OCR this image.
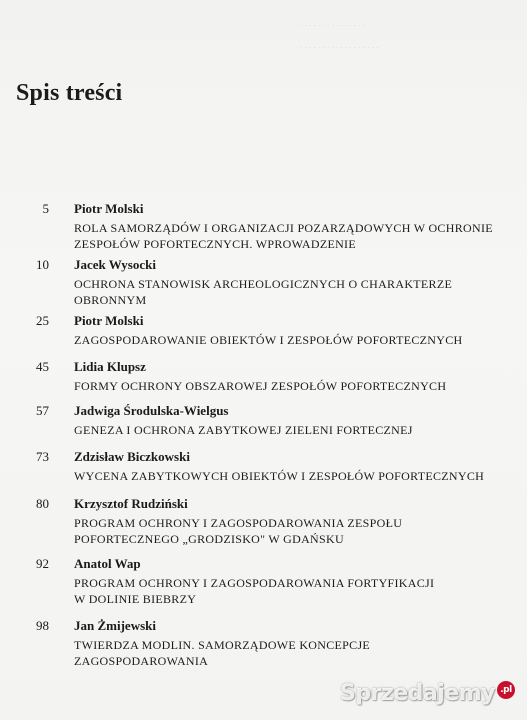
. . . . . . . . . . . . . . .
. . . . . . . . . . . . . . . . . .
Spis treści
5 Piotr Molski
ROLA SAMORZĄDÓW I ORGANIZACJI POZARZĄDOWYCH W OCHRONIE
ZESPOŁÓW POFORTECZNYCH. WPROWADZENIE
10 Jacek Wysocki
OCHRONA STANOWISK ARCHEOLOGICZNYCH O CHARAKTERZE
OBRONNYM
25 Piotr Molski
ZAGOSPODAROWANIE OBIEKTÓW I ZESPOŁÓW POFORTECZNYCH
45 Lidia Klupsz
FORMY OCHRONY OBSZAROWEJ ZESPOŁÓW POFORTECZNYCH
57 Jadwiga Środulska-Wielgus
GENEZA I OCHRONA ZABYTKOWEJ ZIELENI FORTECZNEJ
73 Zdzisław Biczkowski
WYCENA ZABYTKOWYCH OBIEKTÓW I ZESPOŁÓW POFORTECZNYCH
80 Krzysztof Rudziński
PROGRAM OCHRONY I ZAGOSPODAROWANIA ZESPOŁU
POFORTECZNEGO „GRODZISKO" W GDAŃSKU
92 Anatol Wap
PROGRAM OCHRONY I ZAGOSPODAROWANIA FORTYFIKACJI
W DOLINIE BIEBRZY
98 Jan Żmijewski
TWIERDZA MODLIN. SAMORZĄDOWE KONCEPCJE
ZAGOSPODAROWANIA
Sprzedajemy .pl
